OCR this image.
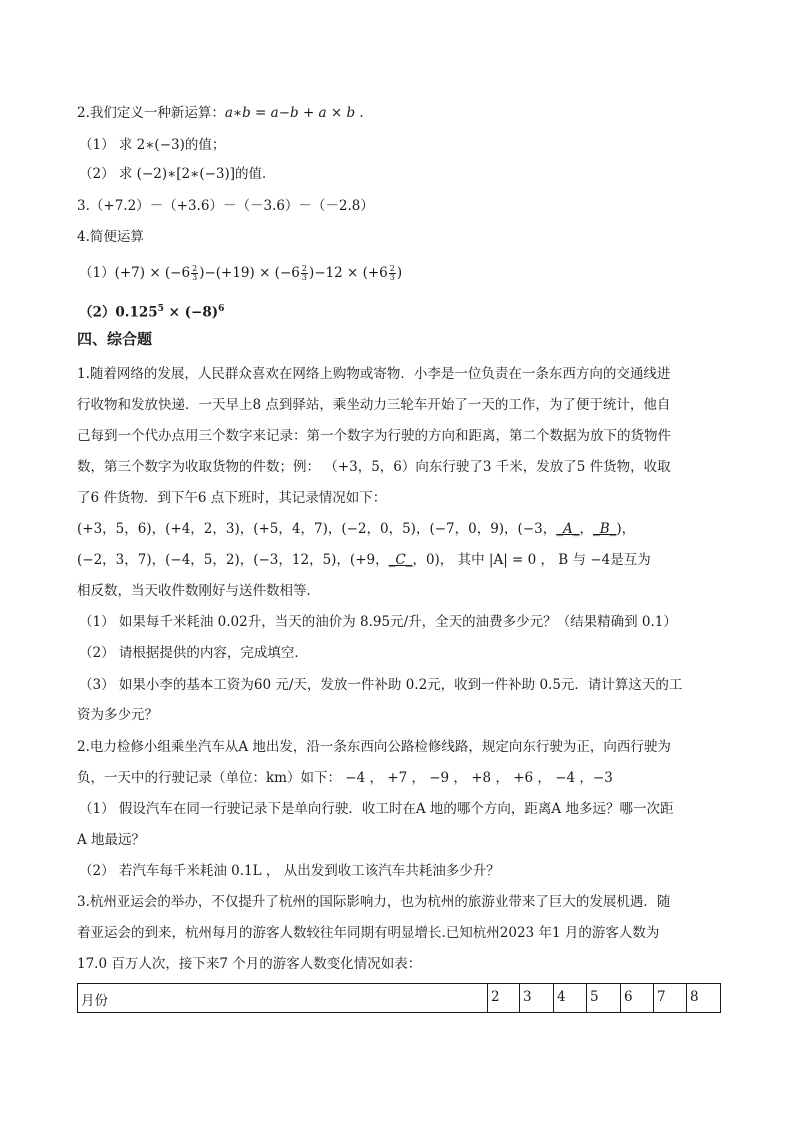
2.我们定义一种新运算：a∗b = a−b + a × b .
（1） 求 2∗(−3)的值；
（2） 求 (−2)∗[2∗(−3)]的值．
3.（+7.2）－（+3.6）－（－3.6）－（－2.8）
4.简便运算
$(1)(+7) \times (-6 \frac{2}{3} )-(+19) \times (-6 \frac{2}{3} )-12 \times (+6 \frac{2}{3}$ )
$(2)0.125^5 \times (-8)^6$
四、综合题
1.随着网络的发展，人民群众喜欢在网络上购物或寄物．小李是一位负责在一条东西方向的交通线进
行收物和发放快递．一天早上8 点到驿站，乘坐动力三轮车开始了一天的工作，为了便于统计，他自
己每到一个代办点用三个数字来记录：第一个数字为行驶的方向和距离，第二个数据为放下的货物件
数，第三个数字为收取货物的件数；例： （+3，5，6）向东行驶了3 千米，发放了5 件货物，收取
了6 件货物．到下午6 点下班时，其记录情况如下：
(+3，5，6)，(+4，2，3)，(+5，4，7)，(−2，0，5)，(−7，0，9)，(−3，_A_，_B_)，
(−2，3，7)，(−4，5，2)，(−3，12，5)，(+9，_C_，0)， 其中 |A| = 0 ， B 与 −4是互为
相反数，当天收件数刚好与送件数相等．
（1） 如果每千米耗油 0.02升，当天的油价为 8.95元/升，全天的油费多少元？（结果精确到 0.1）
（2） 请根据提供的内容，完成填空．
（3） 如果小李的基本工资为60 元/天，发放一件补助 0.2元，收到一件补助 0.5元．请计算这天的工
资为多少元？
2.电力检修小组乘坐汽车从A 地出发，沿一条东西向公路检修线路，规定向东行驶为正，向西行驶为
负，一天中的行驶记录（单位：km）如下： −4 ， +7 ， −9 ， +8 ， +6 ， −4 ，−3
（1） 假设汽车在同一行驶记录下是单向行驶．收工时在A 地的哪个方向，距离A 地多远？哪一次距
A 地最远？
（2） 若汽车每千米耗油 0.1L ， 从出发到收工该汽车共耗油多少升？
3.杭州亚运会的举办，不仅提升了杭州的国际影响力，也为杭州的旅游业带来了巨大的发展机遇．随
着亚运会的到来，杭州每月的游客人数较往年同期有明显增长.已知杭州2023 年1 月的游客人数为
17.0 百万人次，接下来7 个月的游客人数变化情况如表：
月份	2	3	4	5	6	7	8
